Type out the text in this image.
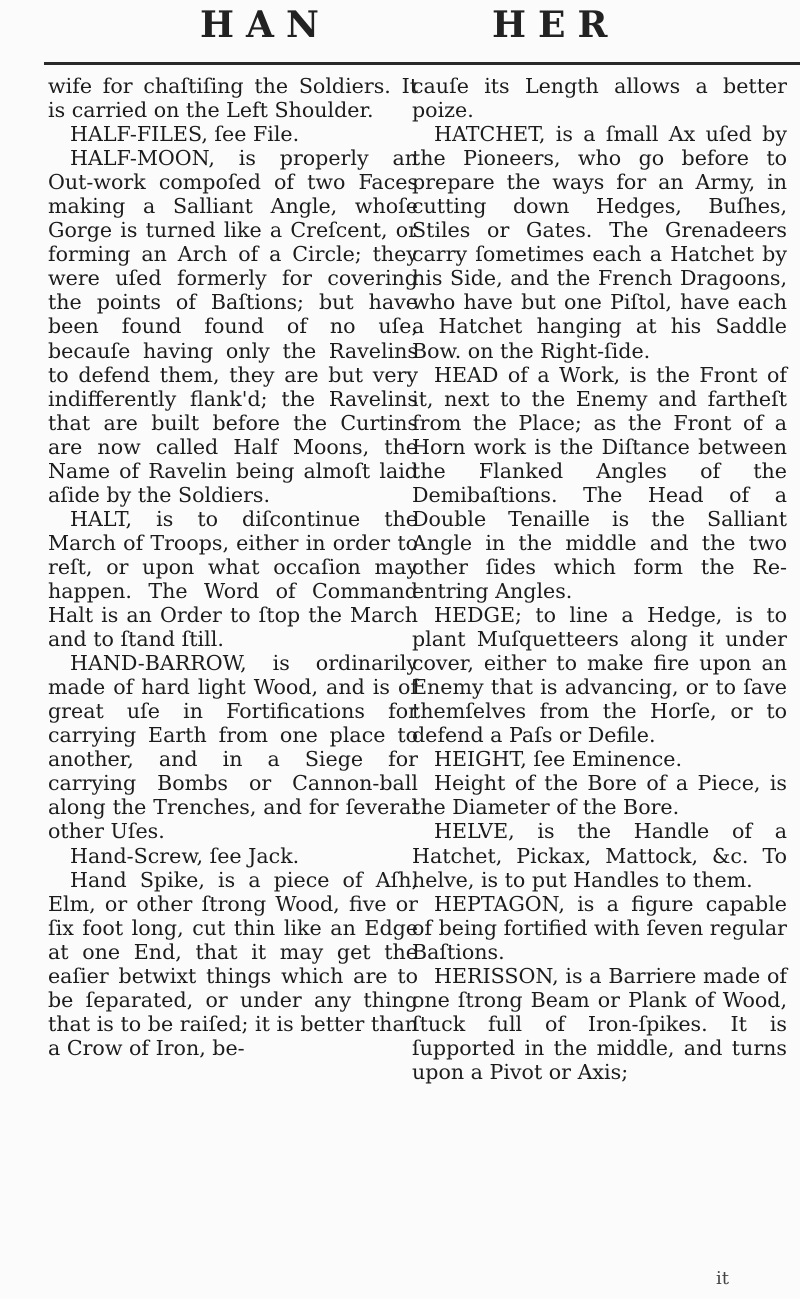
HAN	HER

wife for chaſtiſing the Soldiers. It is carried on the Left Shoulder.

HALF-FILES, ſee File.

HALF-MOON, is properly an Out-work compoſed of two Faces making a Salliant Angle, whoſe Gorge is turned like a Creſcent, or forming an Arch of a Circle; they were uſed formerly for covering the points of Baſtions; but have been found found of no uſe, becauſe having only the Ravelins to defend them, they are but very indifferently flank'd; the Ravelins that are built before the Curtins are now called Half Moons, the Name of Ravelin being almoſt laid aſide by the Soldiers.

HALT, is to diſcontinue the March of Troops, either in order to reſt, or upon what occaſion may happen. The Word of Command Halt is an Order to ſtop the March and to ſtand ſtill.

HAND-BARROW, is ordinarily made of hard light Wood, and is of great uſe in Fortifications for carrying Earth from one place to another, and in a Siege for carrying Bombs or Cannon-ball along the Trenches, and for ſeveral other Uſes.

Hand-Screw, ſee Jack.

Hand Spike, is a piece of Aſh, Elm, or other ſtrong Wood, five or ſix foot long, cut thin like an Edge at one End, that it may get the eaſier betwixt things which are to be ſeparated, or under any thing that is to be raiſed; it is better than a Crow of Iron, be-

cauſe its Length allows a better poize.

HATCHET, is a ſmall Ax uſed by the Pioneers, who go before to prepare the ways for an Army, in cutting down Hedges, Buſhes, Stiles or Gates. The Grenadeers carry ſometimes each a Hatchet by his Side, and the French Dragoons, who have but one Piſtol, have each a Hatchet hanging at his Saddle Bow. on the Right-ſide.

HEAD of a Work, is the Front of it, next to the Enemy and fartheſt from the Place; as the Front of a Horn work is the Diſtance between the Flanked Angles of the Demibaſtions. The Head of a Double Tenaille is the Salliant Angle in the middle and the two other ſides which form the Re-entring Angles.

HEDGE; to line a Hedge, is to plant Muſquetteers along it under cover, either to make fire upon an Enemy that is advancing, or to ſave themſelves from the Horſe, or to defend a Paſs or Defile.

HEIGHT, ſee Eminence.

Height of the Bore of a Piece, is the Diameter of the Bore.

HELVE, is the Handle of a Hatchet, Pickax, Mattock, &c. To helve, is to put Handles to them.

HEPTAGON, is a figure capable of being fortified with ſeven regular Baſtions.

HERISSON, is a Barriere made of one ſtrong Beam or Plank of Wood, ſtuck full of Iron-ſpikes. It is ſupported in the middle, and turns upon a Pivot or Axis;

it
